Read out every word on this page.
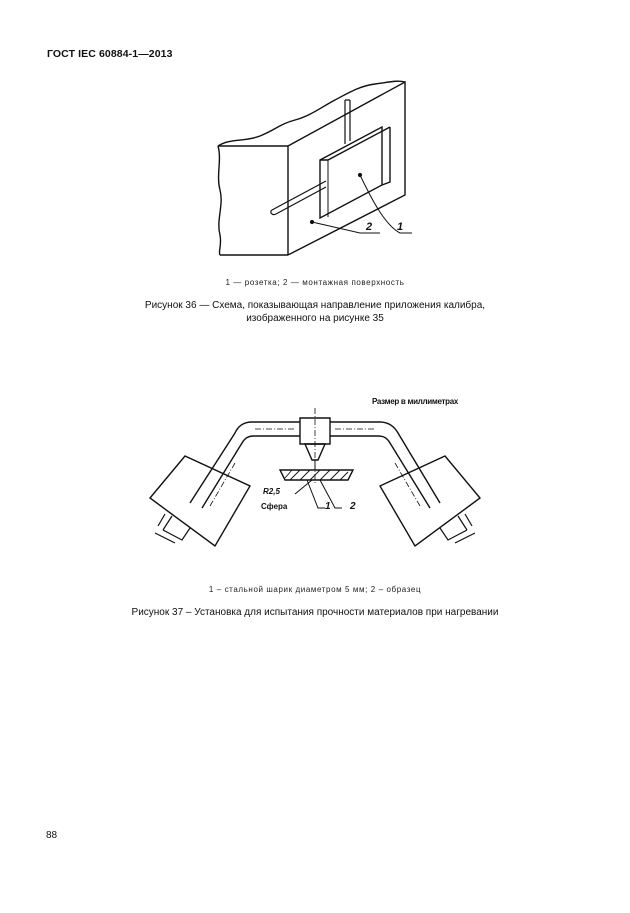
ГОСТ IEC 60884-1—2013
2 1
1 — розетка; 2 — монтажная поверхность
Рисунок 36 — Схема, показывающая направление приложения калибра,
изображенного на рисунке 35
Размер в миллиметрах
R2,5
Сфера	1 2
1 – стальной шарик диаметром 5 мм; 2 – образец
Рисунок 37 – Установка для испытания прочности материалов при нагревании
88
